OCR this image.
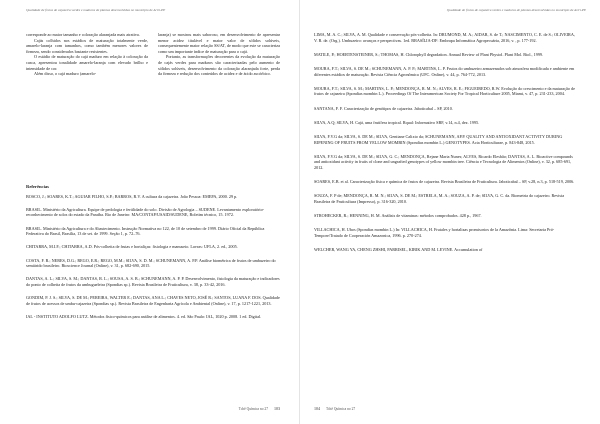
Qualidade de frutos de cajazeira verdes e maduros de plantas desenvolvidas no município de Ariri-PE

corresponde ao maior tamanho e coloração alaranjada mais atrativa.

Cajás colhidos nos estádios de maturação totalmente verde, amarelo-laranja com tamanhos, como também menores valores de firmeza, sendo considerados bastante resistentes.

O estádio de maturação do cajá maduro em relação à coloração da casca, apresentou tonalidade amarelo-laranja com elevado brilho e intensidade de cor.

Além disso, o cajá maduro (amarelo-

laranja) se mostrou mais saboroso, em desenvolvimento de apresentar menor acidez titulável e maior valor de sólidos solúveis, consequentemente maior relação SS/AT, de modo que este se caracteriza como um importante índice de maturação para o cajá.

Portanto, as transformações decorrentes da evolução da maturação de cajás verdes para maduros são caracterizadas pelo aumento de sólidos solúveis, desenvolvimento da coloração alaranjada forte, perda da firmeza e redução dos conteúdos de acidez e de ácido ascórbico.

Referências

BOSCO, J.; SOARES, K.T.; AGUIAR FILHO, S.P.; BARROS, R.V. A cultura da cajazeira. João Pessoa: EMEPA, 2000. 29 p.

BRASIL. Ministério da Agricultura. Equipe de pedologia e fertilidade do solo. Divisão de Agrologia – SUDENE. Levantamento exploratório-reconhecimento de solos do estado da Paraíba. Rio de Janeiro: MA/CONTAP/USAID/SUDENE, Boletim técnico, 15. 1972.

BRASIL. Ministério da Agricultura e do Abastecimento. Instrução Normativa no 122, de 10 de setembro de 1999. Diário Oficial da República Federativa do Brasil, Brasília, 13 de set. de 1999. Seção 1, p. 72–76.

CHITARRA, M.I.F.; CHITARRA, A.D. Pós-colheita de frutas e hortaliças: fisiologia e manuseio. Lavras: UFLA, 2. ed., 2005.

COSTA, F. R.; NERES, D.G.; REGO, E.R.; REGO, M.M.; SILVA, S. D. M.; SCHUNEMANN, A. P.P. Análise biométrica de frutos de umbuzeiro do semiárido brasileiro. Bioscience Journal (Online), v. 31, p. 682-690, 2015.

DANTAS, A. L.; SILVA, S. M.; DANTAS, R. L.; SOUSA, A. S. B.; SCHUNEMANN, A. P. P. Desenvolvimento, fisiologia da maturação e indicadores do ponto de colheita de frutos da umbugueleira (Spondias sp.). Revista Brasileira de Fruticultura, v. 38, p. 33-42, 2016.

GONDIM, P. J. S.; SILVA, S. DE M.; PEREIRA, WALTER E.; DANTAS, ANA L.; CHAVES NETO, JOSÉ R.; SANTOS, LUANA F. DOS. Qualidade de frutos de acessos de umbu-cajazeira (Spondias sp.). Revista Brasileira de Engenharia Agrícola e Ambiental (Online), v. 17, p. 1217-1221, 2013.

IAL - INSTITUTO ADOLFO LUTZ. Métodos físico-químicos para análise de alimentos. 4. ed. São Paulo: IAL, 1020 p. 2008. 1 ed. Digital.

Tchê Química no 27 103
Qualidade de frutos de cajazeira verdes e maduros de plantas desenvolvidas no município de Ariri-PE

LIMA, M. A. C.; SILVA, A. M. Qualidade e conservação pós-colheita. In: DRUMOND, M. A.; AIDAR, S. de T.; NASCIMENTO, C. E. de S.; OLIVEIRA, V. R. de. (Org.). Umbuzeiro: avanços e perspectivas. 1ed. BRASÍLIA-DF: Embrapa Informática Agropecuária, 2016, v. , p. 177-192.

MATILE, P.; HOERTENSTEINER, S.; THOMAS, H. Chlorophyll degradation. Annual Review of Plant Physiol. Plant Mol. Biol., 1999.

MOURA, F.T.; SILVA, S. DE M.; SCHUNEMANN, A. P. P.; MARTINS, L. P. Frutos do umbuzeiro armazenados sob atmosfera modificada e ambiente em diferentes estádios de maturação. Revista Ciência Agronômica (UFC. Online), v. 44, p. 764-772, 2013.

MOURA, F.T.; SILVA, S. M.; MARTINS, L. P.; MENDONÇA, R. M. N.; ALVES, R. E.; FIGUEIREDO, R.W. Evolução do crescimento e da maturação de frutos de cajazeira (Spondias mombin L.). Proceedings Of The Interamerican Society For Tropical Horticulture 2005, Miami, v. 47, p. 231-233, 2004.

SANTANA, F. F. Caracterização de genótipos de cajazeira. Jaboticabal – SP, 2010.

SILVA, A.Q; SILVA, H. Cajá, uma frutífera tropical. Rqual: Informativo SBF, v.14, n.4, dez. 1995.

SILVA, F.V.G da; SILVA, S. DE M.; SILVA, Gentiane Calixto da; SCHUNEMANN, AP.P. QUALITY AND ANTIOXIDANT ACTIVITY DURING RIPENING OF FRUITS FROM YELLOW MOMBIN (Spondias mombin L.) GENOTYPES. Acta Horticulturae, p. 843-848, 2015.

SILVA, F.V.G da; SILVA, S. DE M.; SILVA, G. C.; MENDONÇA, Rejane Maria Nunes; ALVES, Ricardo Elesbão; DANTAS, A. L. Bioactive compounds and antioxidant activity in fruits of clone and ungrafted genotypes of yellow mombin tree. Ciência e Tecnologia de Alimentos (Online), v. 32, p. 685-691, 2012.

SOARES, E.B. et al. Caracterização física e química de frutos de cajazeira. Revista Brasileira de Fruticultura. Jaboticabal – SP, v.28, n.3, p. 518-519, 2006.

SOUZA, F. P de; MENDONÇA, R. M. N.; SILVA, S. DE M.; ESTRELA, M. A.; SOUZA, A. P. de; SILVA, G. C. da. Biometria do cajazeiro. Revista Brasileira de Fruticultura (Impresso), p. 316-320, 2010.

STROHECKER, R.; HENNING, H. M. Análisis de vitaminas: métodos comprobados. 428 p., 1967.

VILLACHICA, H. Ubos (Spondias mombin L.) In: VILLACHICA, H. Frutales y hortalizas promisorios de la Amazônia. Lima: Secretaria Pró-Tempore/Tratado de Cooperación Amazonica, 1996. p. 270-274.

WELCHER, WANG YA, CHENG ZHSHI, PARRISEL, KIBIK AND M. LEVINE. Accumulation of

104 Tchê Química no 27
